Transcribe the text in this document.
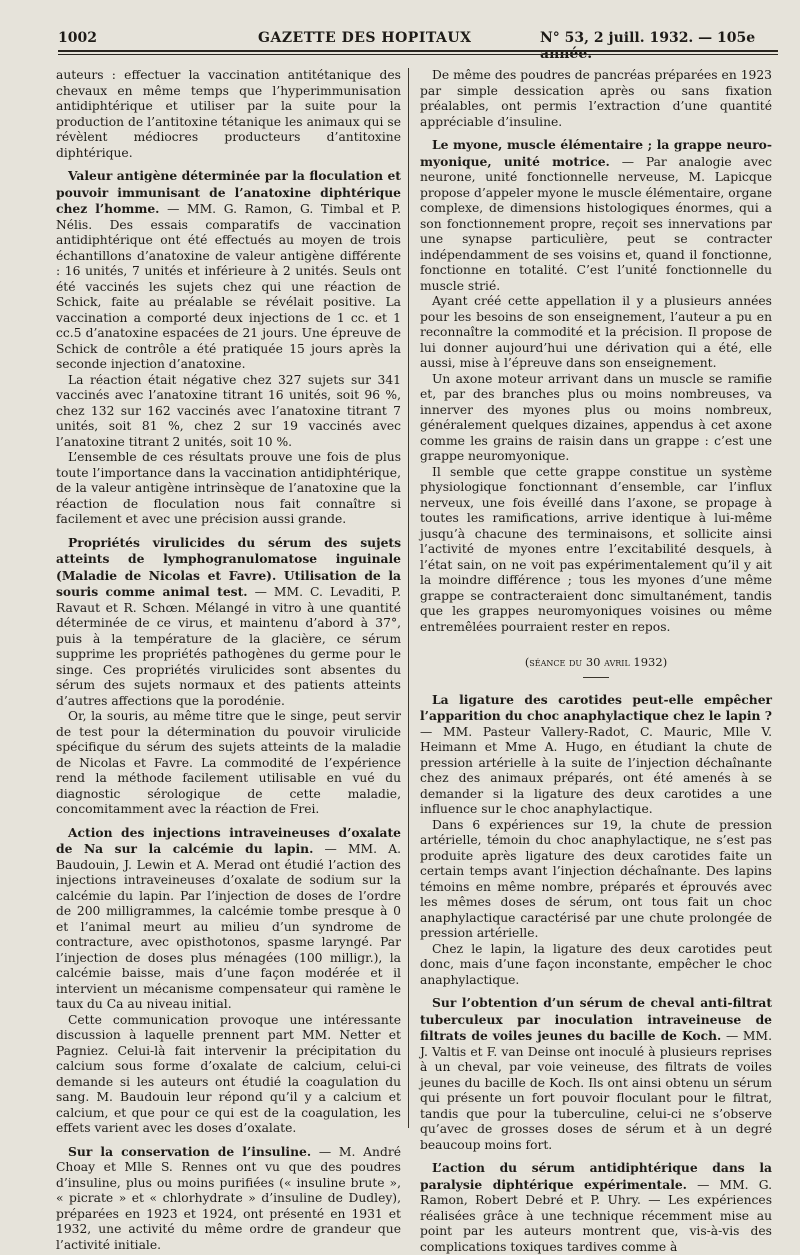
1002	GAZETTE DES HOPITAUX	N° 53, 2 juill. 1932. — 105e année.

auteurs : effectuer la vaccination antitétanique des chevaux en même temps que l’hyperimmunisation antidiphtérique et utiliser par la suite pour la production de l’antitoxine tétanique les animaux qui se révèlent médiocres producteurs d’antitoxine diphtérique.

Valeur antigène déterminée par la floculation et pouvoir immunisant de l’anatoxine diphtérique chez l’homme. — MM. G. Ramon, G. Timbal et P. Nélis. Des essais comparatifs de vaccination antidiphtérique ont été effectués au moyen de trois échantillons d’anatoxine de valeur antigène différente : 16 unités, 7 unités et inférieure à 2 unités. Seuls ont été vaccinés les sujets chez qui une réaction de Schick, faite au préalable se révélait positive. La vaccination a comporté deux injections de 1 cc. et 1 cc.5 d’anatoxine espacées de 21 jours. Une épreuve de Schick de contrôle a été pratiquée 15 jours après la seconde injection d’anatoxine.

La réaction était négative chez 327 sujets sur 341 vaccinés avec l’anatoxine titrant 16 unités, soit 96 %, chez 132 sur 162 vaccinés avec l’anatoxine titrant 7 unités, soit 81 %, chez 2 sur 19 vaccinés avec l’anatoxine titrant 2 unités, soit 10 %.

L’ensemble de ces résultats prouve une fois de plus toute l’importance dans la vaccination antidiphtérique, de la valeur antigène intrinsèque de l’anatoxine que la réaction de floculation nous fait connaître si facilement et avec une précision aussi grande.

Propriétés virulicides du sérum des sujets atteints de lymphogranulomatose inguinale (Maladie de Nicolas et Favre). Utilisation de la souris comme animal test. — MM. C. Levaditi, P. Ravaut et R. Schœn. Mélangé in vitro à une quantité déterminée de ce virus, et maintenu d’abord à 37°, puis à la température de la glacière, ce sérum supprime les propriétés pathogènes du germe pour le singe. Ces propriétés virulicides sont absentes du sérum des sujets normaux et des patients atteints d’autres affections que la porodénie.

Or, la souris, au même titre que le singe, peut servir de test pour la détermination du pouvoir virulicide spécifique du sérum des sujets atteints de la maladie de Nicolas et Favre. La commodité de l’expérience rend la méthode facilement utilisable en vué du diagnostic sérologique de cette maladie, concomitamment avec la réaction de Frei.

Action des injections intraveineuses d’oxalate de Na sur la calcémie du lapin. — MM. A. Baudouin, J. Lewin et A. Merad ont étudié l’action des injections intraveineuses d’oxalate de sodium sur la calcémie du lapin. Par l’injection de doses de l’ordre de 200 milligrammes, la calcémie tombe presque à 0 et l’animal meurt au milieu d’un syndrome de contracture, avec opisthotonos, spasme laryngé. Par l’injection de doses plus ménagées (100 milligr.), la calcémie baisse, mais d’une façon modérée et il intervient un mécanisme compensateur qui ramène le taux du Ca au niveau initial.

Cette communication provoque une intéressante discussion à laquelle prennent part MM. Netter et Pagniez. Celui-là fait intervenir la précipitation du calcium sous forme d’oxalate de calcium, celui-ci demande si les auteurs ont étudié la coagulation du sang. M. Baudouin leur répond qu’il y a calcium et calcium, et que pour ce qui est de la coagulation, les effets varient avec les doses d’oxalate.

Sur la conservation de l’insuline. — M. André Choay et Mlle S. Rennes ont vu que des poudres d’insuline, plus ou moins purifiées (« insuline brute », « picrate » et « chlorhydrate » d’insuline de Dudley), préparées en 1923 et 1924, ont présenté en 1931 et 1932, une activité du même ordre de grandeur que l’activité initiale.

De même des poudres de pancréas préparées en 1923 par simple dessication après ou sans fixation préalables, ont permis l’extraction d’une quantité appréciable d’insuline.

Le myone, muscle élémentaire ; la grappe neuro-myonique, unité motrice. — Par analogie avec neurone, unité fonctionnelle nerveuse, M. Lapicque propose d’appeler myone le muscle élémentaire, organe complexe, de dimensions histologiques énormes, qui a son fonctionnement propre, reçoit ses innervations par une synapse particulière, peut se contracter indépendamment de ses voisins et, quand il fonctionne, fonctionne en totalité. C’est l’unité fonctionnelle du muscle strié.

Ayant créé cette appellation il y a plusieurs années pour les besoins de son enseignement, l’auteur a pu en reconnaître la commodité et la précision. Il propose de lui donner aujourd’hui une dérivation qui a été, elle aussi, mise à l’épreuve dans son enseignement.

Un axone moteur arrivant dans un muscle se ramifie et, par des branches plus ou moins nombreuses, va innerver des myones plus ou moins nombreux, généralement quelques dizaines, appendus à cet axone comme les grains de raisin dans un grappe : c’est une grappe neuromyonique.

Il semble que cette grappe constitue un système physiologique fonctionnant d’ensemble, car l’influx nerveux, une fois éveillé dans l’axone, se propage à toutes les ramifications, arrive identique à lui-même jusqu’à chacune des terminaisons, et sollicite ainsi l’activité de myones entre l’excitabilité desquels, à l’état sain, on ne voit pas expérimentalement qu’il y ait la moindre différence ; tous les myones d’une même grappe se contracteraient donc simultanément, tandis que les grappes neuromyoniques voisines ou même entremêlées pourraient rester en repos.

(séance du 30 avril 1932)

La ligature des carotides peut-elle empêcher l’apparition du choc anaphylactique chez le lapin ? — MM. Pasteur Vallery-Radot, C. Mauric, Mlle V. Heimann et Mme A. Hugo, en étudiant la chute de pression artérielle à la suite de l’injection déchaînante chez des animaux préparés, ont été amenés à se demander si la ligature des deux carotides a une influence sur le choc anaphylactique.

Dans 6 expériences sur 19, la chute de pression artérielle, témoin du choc anaphylactique, ne s’est pas produite après ligature des deux carotides faite un certain temps avant l’injection déchaînante. Des lapins témoins en même nombre, préparés et éprouvés avec les mêmes doses de sérum, ont tous fait un choc anaphylactique caractérisé par une chute prolongée de pression artérielle.

Chez le lapin, la ligature des deux carotides peut donc, mais d’une façon inconstante, empêcher le choc anaphylactique.

Sur l’obtention d’un sérum de cheval anti-filtrat tuberculeux par inoculation intraveineuse de filtrats de voiles jeunes du bacille de Koch. — MM. J. Valtis et F. van Deinse ont inoculé à plusieurs reprises à un cheval, par voie veineuse, des filtrats de voiles jeunes du bacille de Koch. Ils ont ainsi obtenu un sérum qui présente un fort pouvoir floculant pour le filtrat, tandis que pour la tuberculine, celui-ci ne s’observe qu’avec de grosses doses de sérum et à un degré beaucoup moins fort.

L’action du sérum antidiphtérique dans la paralysie diphtérique expérimentale. — MM. G. Ramon, Robert Debré et P. Uhry. — Les expériences réalisées grâce à une technique récemment mise au point par les auteurs montrent que, vis-à-vis des complications toxiques tardives comme à
